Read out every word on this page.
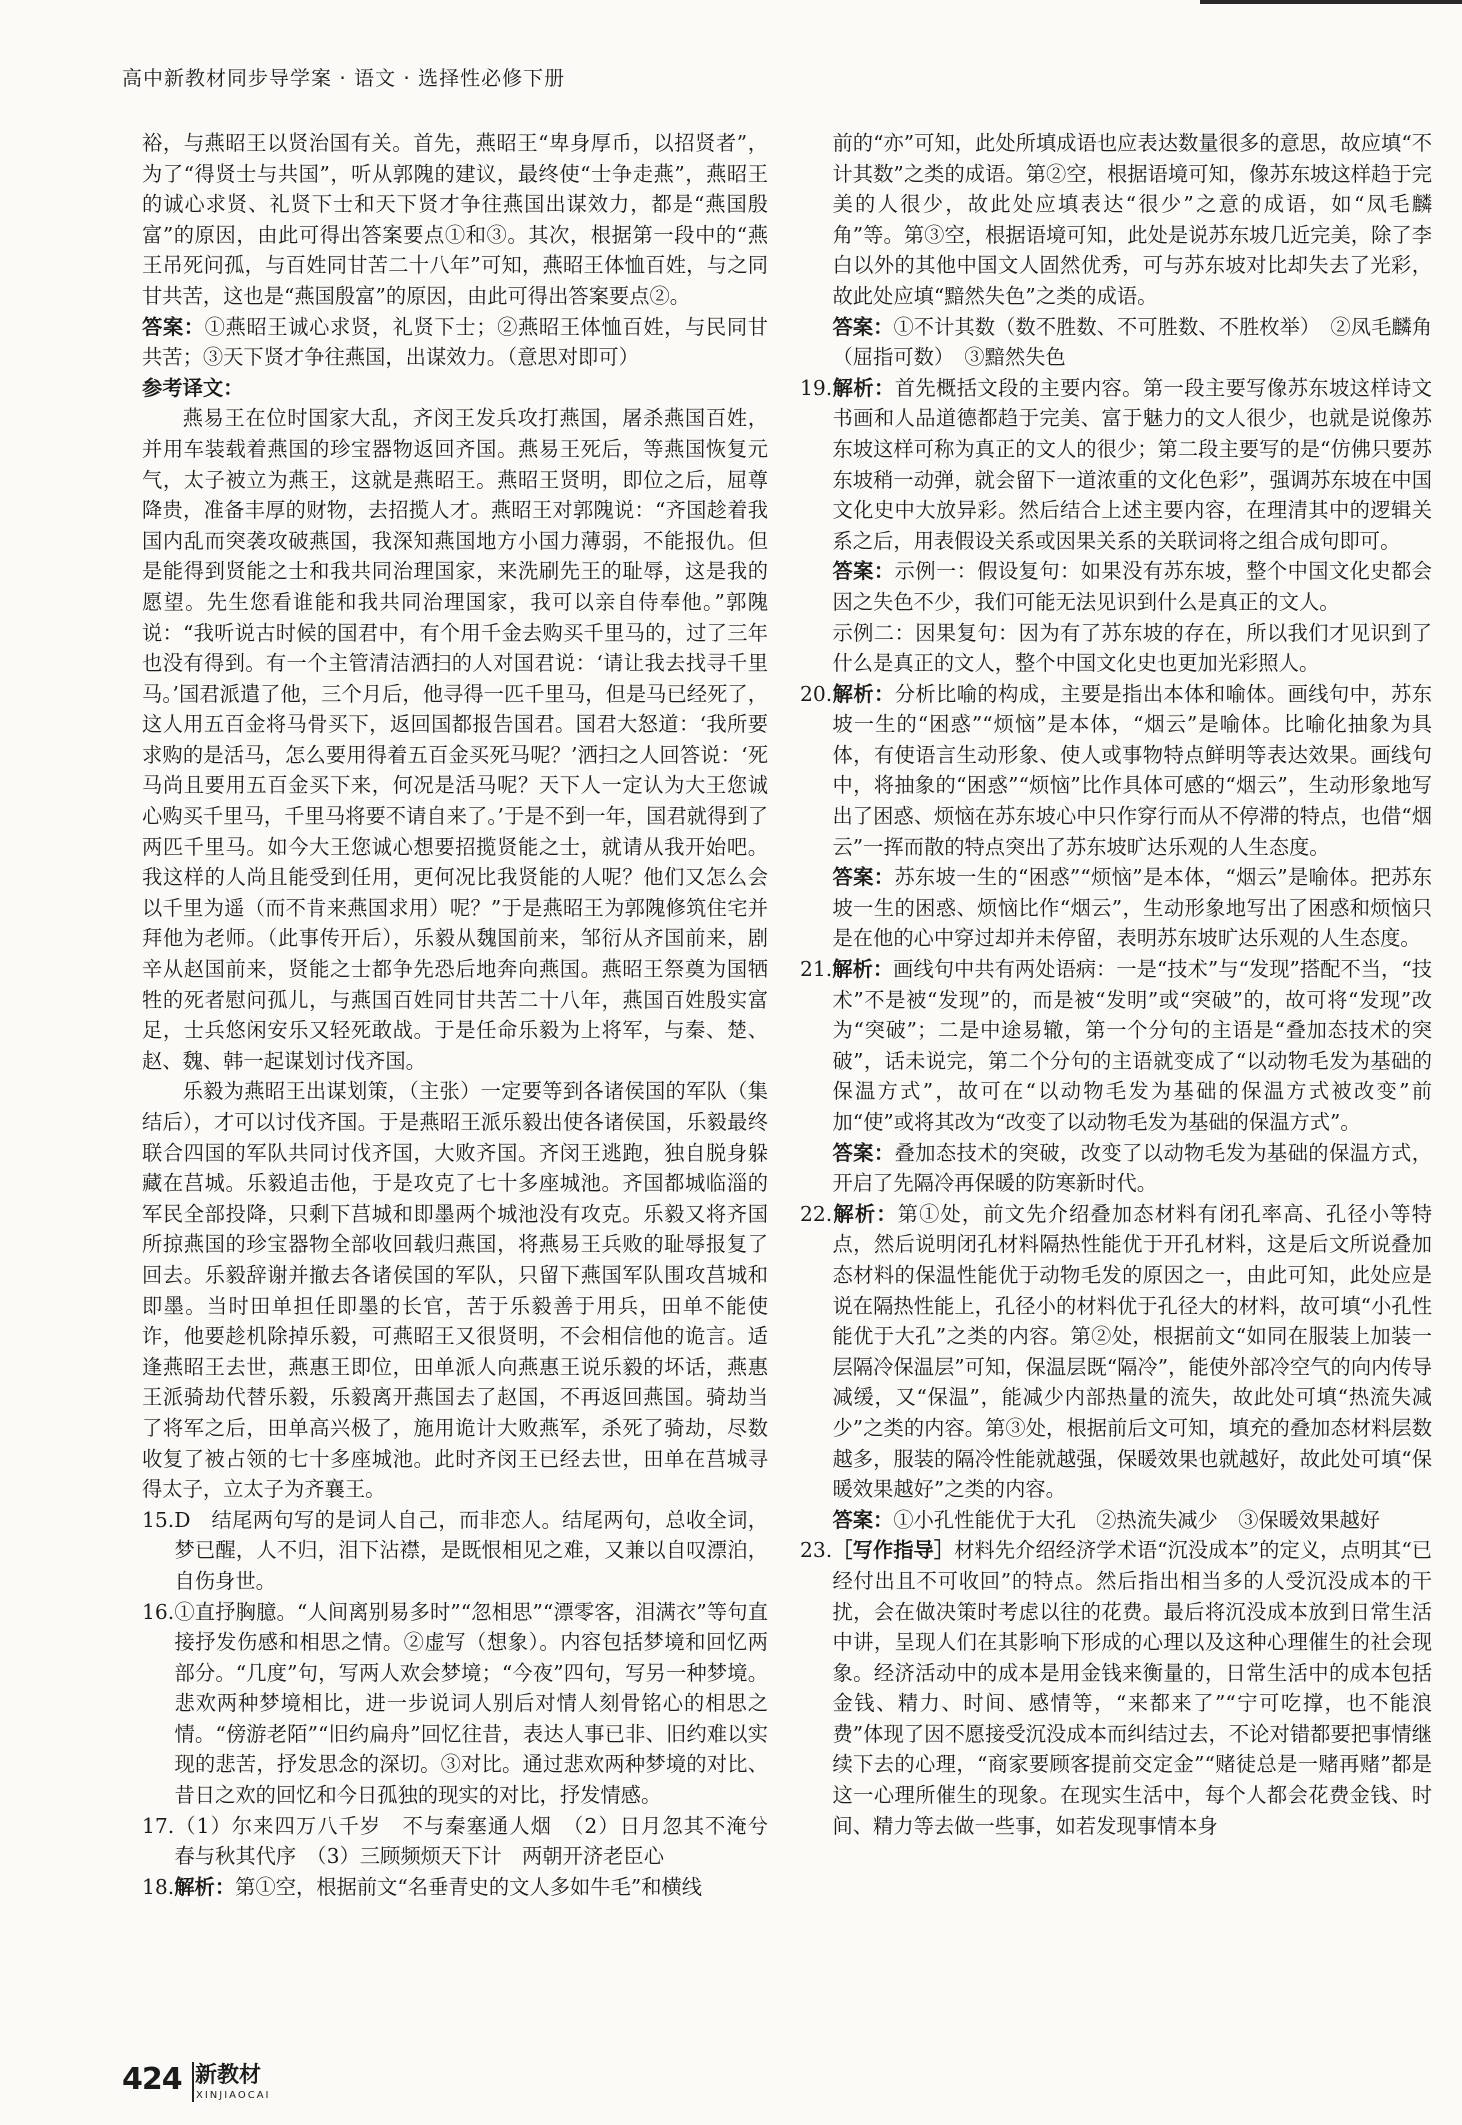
高中新教材同步导学案 · 语文 · 选择性必修下册

裕，与燕昭王以贤治国有关。首先，燕昭王“卑身厚币，以招贤者”，为了“得贤士与共国”，听从郭隗的建议，最终使“士争走燕”，燕昭王的诚心求贤、礼贤下士和天下贤才争往燕国出谋效力，都是“燕国殷富”的原因，由此可得出答案要点①和③。其次，根据第一段中的“燕王吊死问孤，与百姓同甘苦二十八年”可知，燕昭王体恤百姓，与之同甘共苦，这也是“燕国殷富”的原因，由此可得出答案要点②。

答案：①燕昭王诚心求贤，礼贤下士；②燕昭王体恤百姓，与民同甘共苦；③天下贤才争往燕国，出谋效力。（意思对即可）

参考译文：

燕易王在位时国家大乱，齐闵王发兵攻打燕国，屠杀燕国百姓，并用车装载着燕国的珍宝器物返回齐国。燕易王死后，等燕国恢复元气，太子被立为燕王，这就是燕昭王。燕昭王贤明，即位之后，屈尊降贵，准备丰厚的财物，去招揽人才。燕昭王对郭隗说：“齐国趁着我国内乱而突袭攻破燕国，我深知燕国地方小国力薄弱，不能报仇。但是能得到贤能之士和我共同治理国家，来洗刷先王的耻辱，这是我的愿望。先生您看谁能和我共同治理国家，我可以亲自侍奉他。”郭隗说：“我听说古时候的国君中，有个用千金去购买千里马的，过了三年也没有得到。有一个主管清洁洒扫的人对国君说：‘请让我去找寻千里马。’国君派遣了他，三个月后，他寻得一匹千里马，但是马已经死了，这人用五百金将马骨买下，返回国都报告国君。国君大怒道：‘我所要求购的是活马，怎么要用得着五百金买死马呢？’洒扫之人回答说：‘死马尚且要用五百金买下来，何况是活马呢？天下人一定认为大王您诚心购买千里马，千里马将要不请自来了。’于是不到一年，国君就得到了两匹千里马。如今大王您诚心想要招揽贤能之士，就请从我开始吧。我这样的人尚且能受到任用，更何况比我贤能的人呢？他们又怎么会以千里为遥（而不肯来燕国求用）呢？”于是燕昭王为郭隗修筑住宅并拜他为老师。（此事传开后），乐毅从魏国前来，邹衍从齐国前来，剧辛从赵国前来，贤能之士都争先恐后地奔向燕国。燕昭王祭奠为国牺牲的死者慰问孤儿，与燕国百姓同甘共苦二十八年，燕国百姓殷实富足，士兵悠闲安乐又轻死敢战。于是任命乐毅为上将军，与秦、楚、赵、魏、韩一起谋划讨伐齐国。

乐毅为燕昭王出谋划策，（主张）一定要等到各诸侯国的军队（集结后），才可以讨伐齐国。于是燕昭王派乐毅出使各诸侯国，乐毅最终联合四国的军队共同讨伐齐国，大败齐国。齐闵王逃跑，独自脱身躲藏在莒城。乐毅追击他，于是攻克了七十多座城池。齐国都城临淄的军民全部投降，只剩下莒城和即墨两个城池没有攻克。乐毅又将齐国所掠燕国的珍宝器物全部收回载归燕国，将燕易王兵败的耻辱报复了回去。乐毅辞谢并撤去各诸侯国的军队，只留下燕国军队围攻莒城和即墨。当时田单担任即墨的长官，苦于乐毅善于用兵，田单不能使诈，他要趁机除掉乐毅，可燕昭王又很贤明，不会相信他的诡言。适逢燕昭王去世，燕惠王即位，田单派人向燕惠王说乐毅的坏话，燕惠王派骑劫代替乐毅，乐毅离开燕国去了赵国，不再返回燕国。骑劫当了将军之后，田单高兴极了，施用诡计大败燕军，杀死了骑劫，尽数收复了被占领的七十多座城池。此时齐闵王已经去世，田单在莒城寻得太子，立太子为齐襄王。

15.D　结尾两句写的是词人自己，而非恋人。结尾两句，总收全词，梦已醒，人不归，泪下沾襟，是既恨相见之难，又兼以自叹漂泊，自伤身世。

16.①直抒胸臆。“人间离别易多时”“忽相思”“漂零客，泪满衣”等句直接抒发伤感和相思之情。②虚写（想象）。内容包括梦境和回忆两部分。“几度”句，写两人欢会梦境；“今夜”四句，写另一种梦境。悲欢两种梦境相比，进一步说词人别后对情人刻骨铭心的相思之情。“傍游老陌”“旧约扁舟”回忆往昔，表达人事已非、旧约难以实现的悲苦，抒发思念的深切。③对比。通过悲欢两种梦境的对比、昔日之欢的回忆和今日孤独的现实的对比，抒发情感。

17.（1）尔来四万八千岁　不与秦塞通人烟　（2）日月忽其不淹兮　春与秋其代序　（3）三顾频烦天下计　两朝开济老臣心

18.解析：第①空，根据前文“名垂青史的文人多如牛毛”和横线

前的“亦”可知，此处所填成语也应表达数量很多的意思，故应填“不计其数”之类的成语。第②空，根据语境可知，像苏东坡这样趋于完美的人很少，故此处应填表达“很少”之意的成语，如“凤毛麟角”等。第③空，根据语境可知，此处是说苏东坡几近完美，除了李白以外的其他中国文人固然优秀，可与苏东坡对比却失去了光彩，故此处应填“黯然失色”之类的成语。

答案：①不计其数（数不胜数、不可胜数、不胜枚举）　②凤毛麟角（屈指可数）　③黯然失色

19.解析：首先概括文段的主要内容。第一段主要写像苏东坡这样诗文书画和人品道德都趋于完美、富于魅力的文人很少，也就是说像苏东坡这样可称为真正的文人的很少；第二段主要写的是“仿佛只要苏东坡稍一动弹，就会留下一道浓重的文化色彩”，强调苏东坡在中国文化史中大放异彩。然后结合上述主要内容，在理清其中的逻辑关系之后，用表假设关系或因果关系的关联词将之组合成句即可。

答案：示例一：假设复句：如果没有苏东坡，整个中国文化史都会因之失色不少，我们可能无法见识到什么是真正的文人。

示例二：因果复句：因为有了苏东坡的存在，所以我们才见识到了什么是真正的文人，整个中国文化史也更加光彩照人。

20.解析：分析比喻的构成，主要是指出本体和喻体。画线句中，苏东坡一生的“困惑”“烦恼”是本体，“烟云”是喻体。比喻化抽象为具体，有使语言生动形象、使人或事物特点鲜明等表达效果。画线句中，将抽象的“困惑”“烦恼”比作具体可感的“烟云”，生动形象地写出了困惑、烦恼在苏东坡心中只作穿行而从不停滞的特点，也借“烟云”一挥而散的特点突出了苏东坡旷达乐观的人生态度。

答案：苏东坡一生的“困惑”“烦恼”是本体，“烟云”是喻体。把苏东坡一生的困惑、烦恼比作“烟云”，生动形象地写出了困惑和烦恼只是在他的心中穿过却并未停留，表明苏东坡旷达乐观的人生态度。

21.解析：画线句中共有两处语病：一是“技术”与“发现”搭配不当，“技术”不是被“发现”的，而是被“发明”或“突破”的，故可将“发现”改为“突破”；二是中途易辙，第一个分句的主语是“叠加态技术的突破”，话未说完，第二个分句的主语就变成了“以动物毛发为基础的保温方式”，故可在“以动物毛发为基础的保温方式被改变”前加“使”或将其改为“改变了以动物毛发为基础的保温方式”。

答案：叠加态技术的突破，改变了以动物毛发为基础的保温方式，开启了先隔冷再保暖的防寒新时代。

22.解析：第①处，前文先介绍叠加态材料有闭孔率高、孔径小等特点，然后说明闭孔材料隔热性能优于开孔材料，这是后文所说叠加态材料的保温性能优于动物毛发的原因之一，由此可知，此处应是说在隔热性能上，孔径小的材料优于孔径大的材料，故可填“小孔性能优于大孔”之类的内容。第②处，根据前文“如同在服装上加装一层隔冷保温层”可知，保温层既“隔冷”，能使外部冷空气的向内传导减缓，又“保温”，能减少内部热量的流失，故此处可填“热流失减少”之类的内容。第③处，根据前后文可知，填充的叠加态材料层数越多，服装的隔冷性能就越强，保暖效果也就越好，故此处可填“保暖效果越好”之类的内容。

答案：①小孔性能优于大孔　②热流失减少　③保暖效果越好

23.［写作指导］材料先介绍经济学术语“沉没成本”的定义，点明其“已经付出且不可收回”的特点。然后指出相当多的人受沉没成本的干扰，会在做决策时考虑以往的花费。最后将沉没成本放到日常生活中讲，呈现人们在其影响下形成的心理以及这种心理催生的社会现象。经济活动中的成本是用金钱来衡量的，日常生活中的成本包括金钱、精力、时间、感情等，“来都来了”“宁可吃撑，也不能浪费”体现了因不愿接受沉没成本而纠结过去，不论对错都要把事情继续下去的心理，“商家要顾客提前交定金”“赌徒总是一赌再赌”都是这一心理所催生的现象。在现实生活中，每个人都会花费金钱、时间、精力等去做一些事，如若发现事情本身

424 新教材
XINJIAOCAI
